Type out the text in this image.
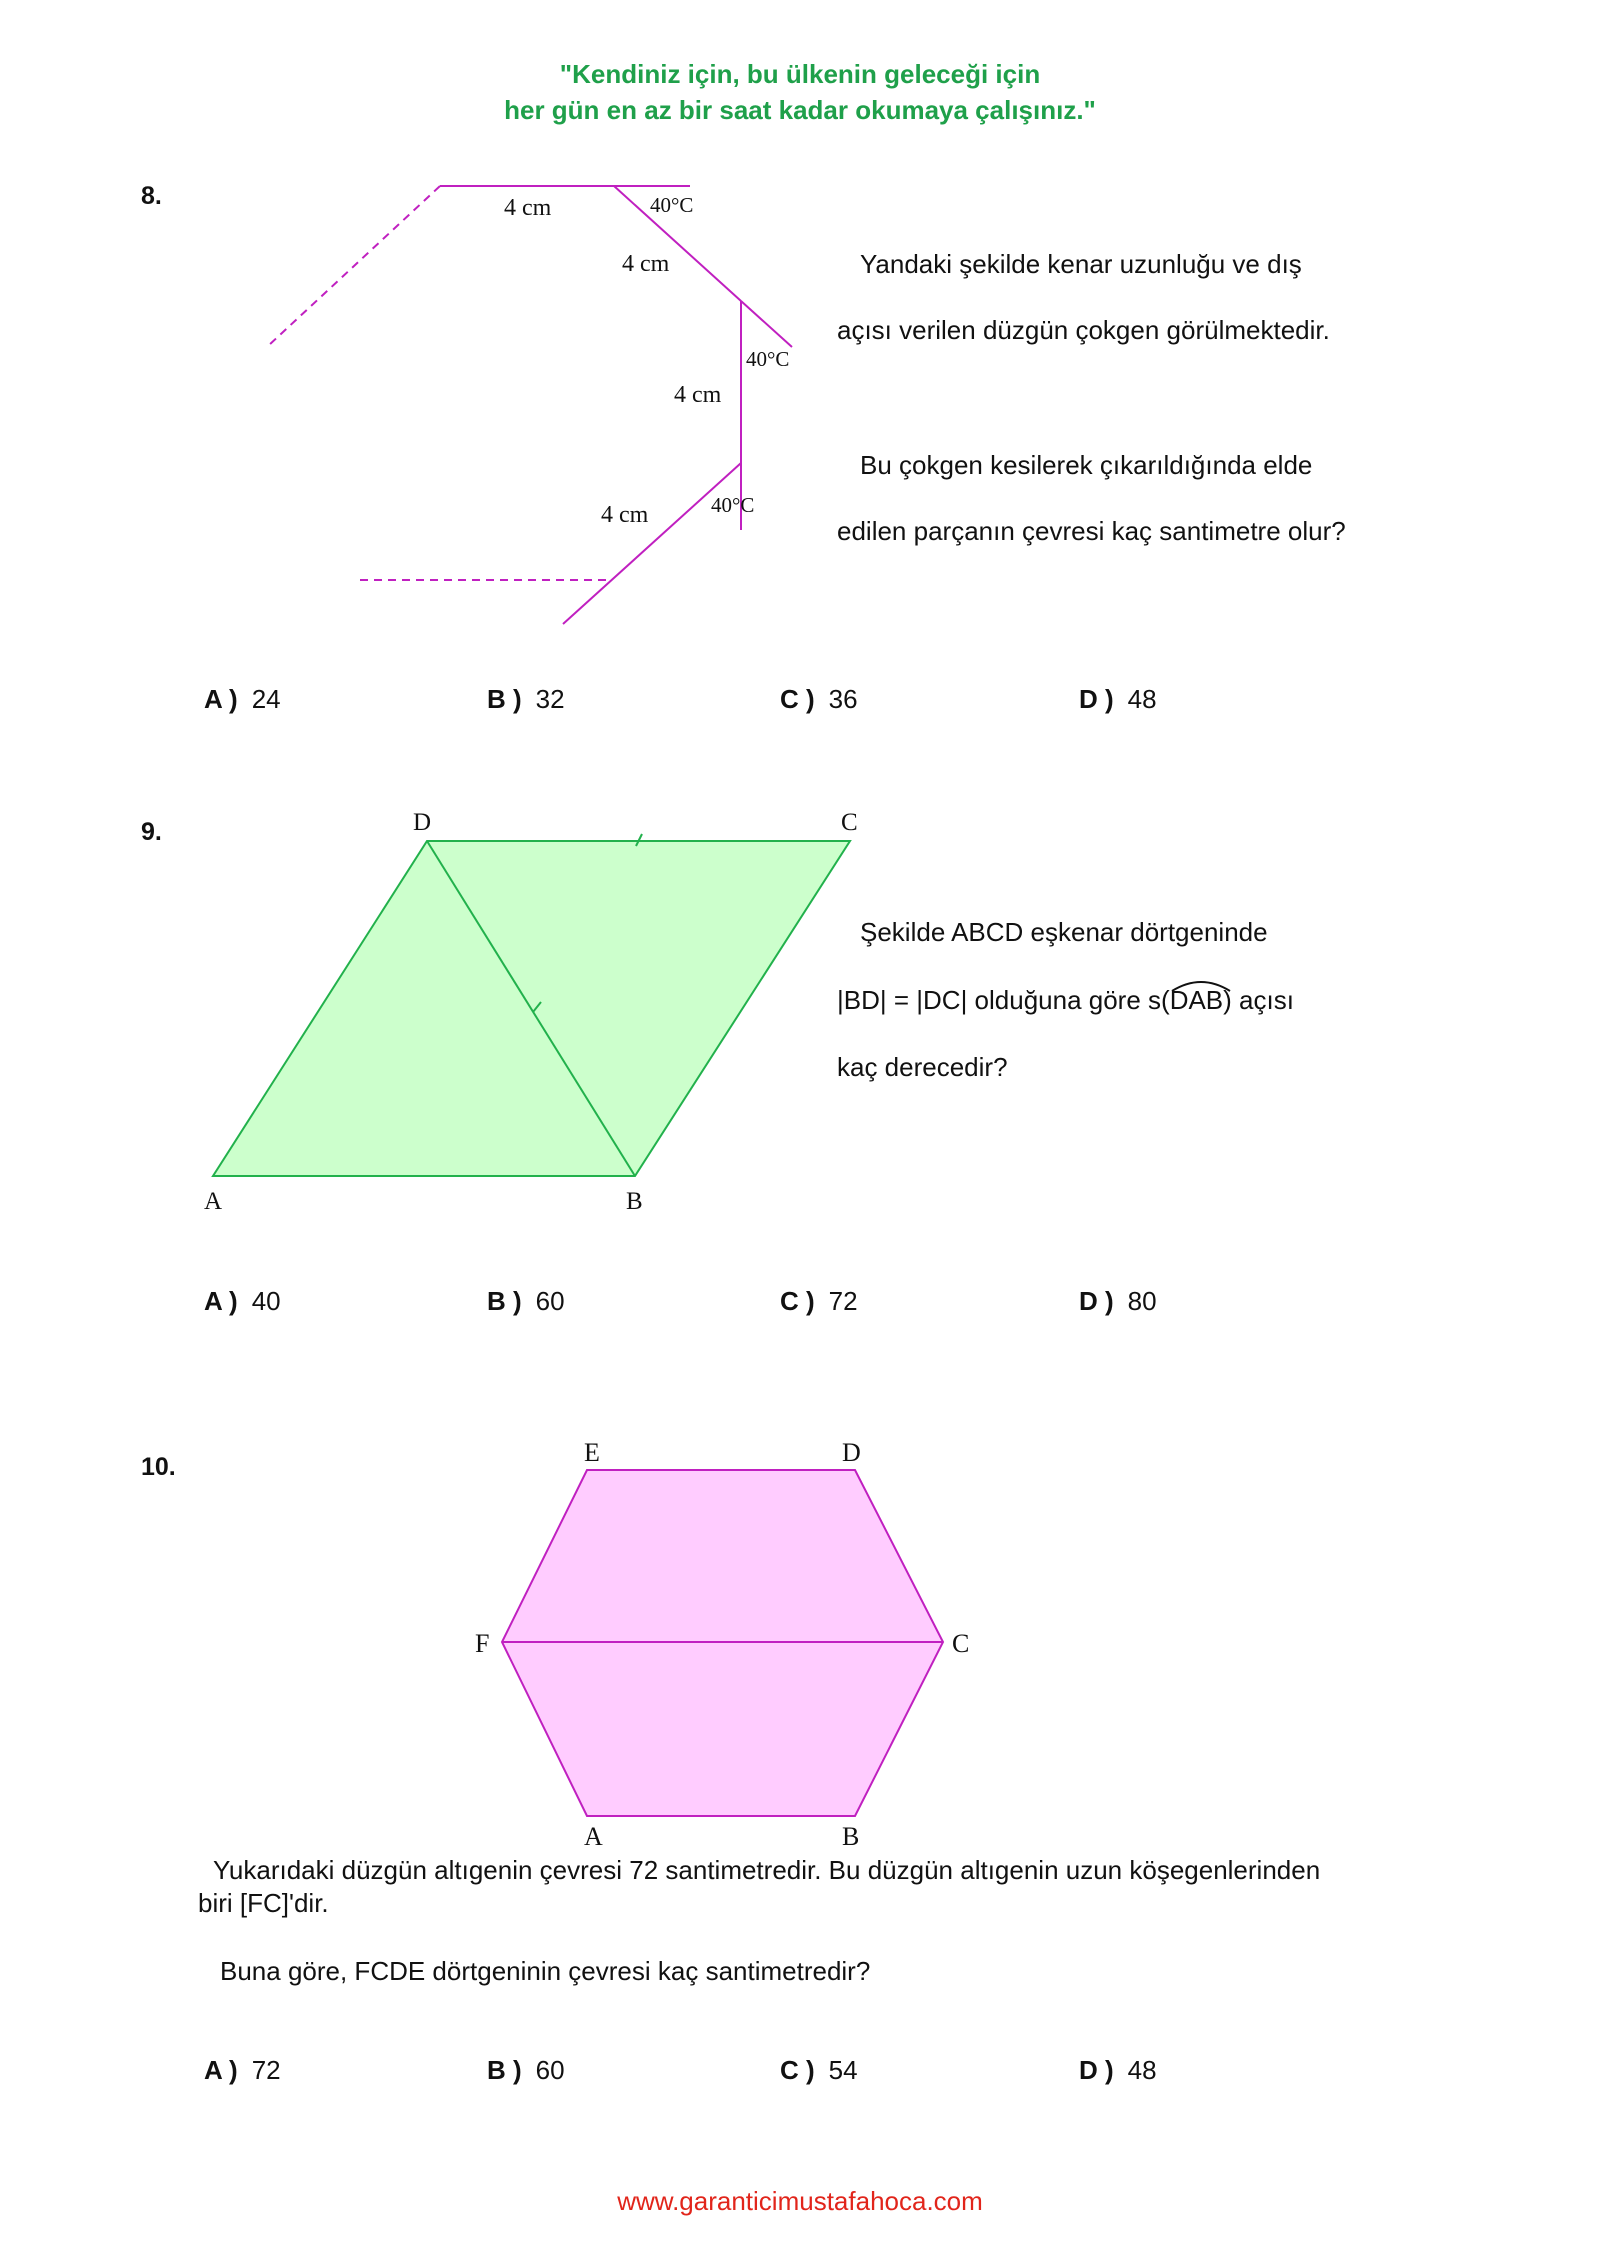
"Kendiniz için, bu ülkenin geleceği için
her gün en az bir saat kadar okumaya çalışınız."
8.	4 cm
4 cm
4 cm
4 cm
40°C
40°C
40°C
Yandaki şekilde kenar uzunluğu ve dış
açısı verilen düzgün çokgen görülmektedir.
Bu çokgen kesilerek çıkarıldığında elde
edilen parçanın çevresi kaç santimetre olur?
A ) 24	B ) 32	C ) 36	D ) 48
9.
A	B
C
D
Şekilde ABCD eşkenar dörtgeninde
|BD| = |DC| olduğuna göre s(
DAB) açısı
kaç derecedir?
A ) 40	B ) 60	C ) 72	D ) 80
10.
A	B
C
D
E
F
Yukarıdaki düzgün altıgenin çevresi 72 santimetredir. Bu düzgün altıgenin uzun köşegenlerinden
biri [FC]'dir.
Buna göre, FCDE dörtgeninin çevresi kaç santimetredir?
A ) 72	B ) 60	C ) 54	D ) 48
www.garanticimustafahoca.com
